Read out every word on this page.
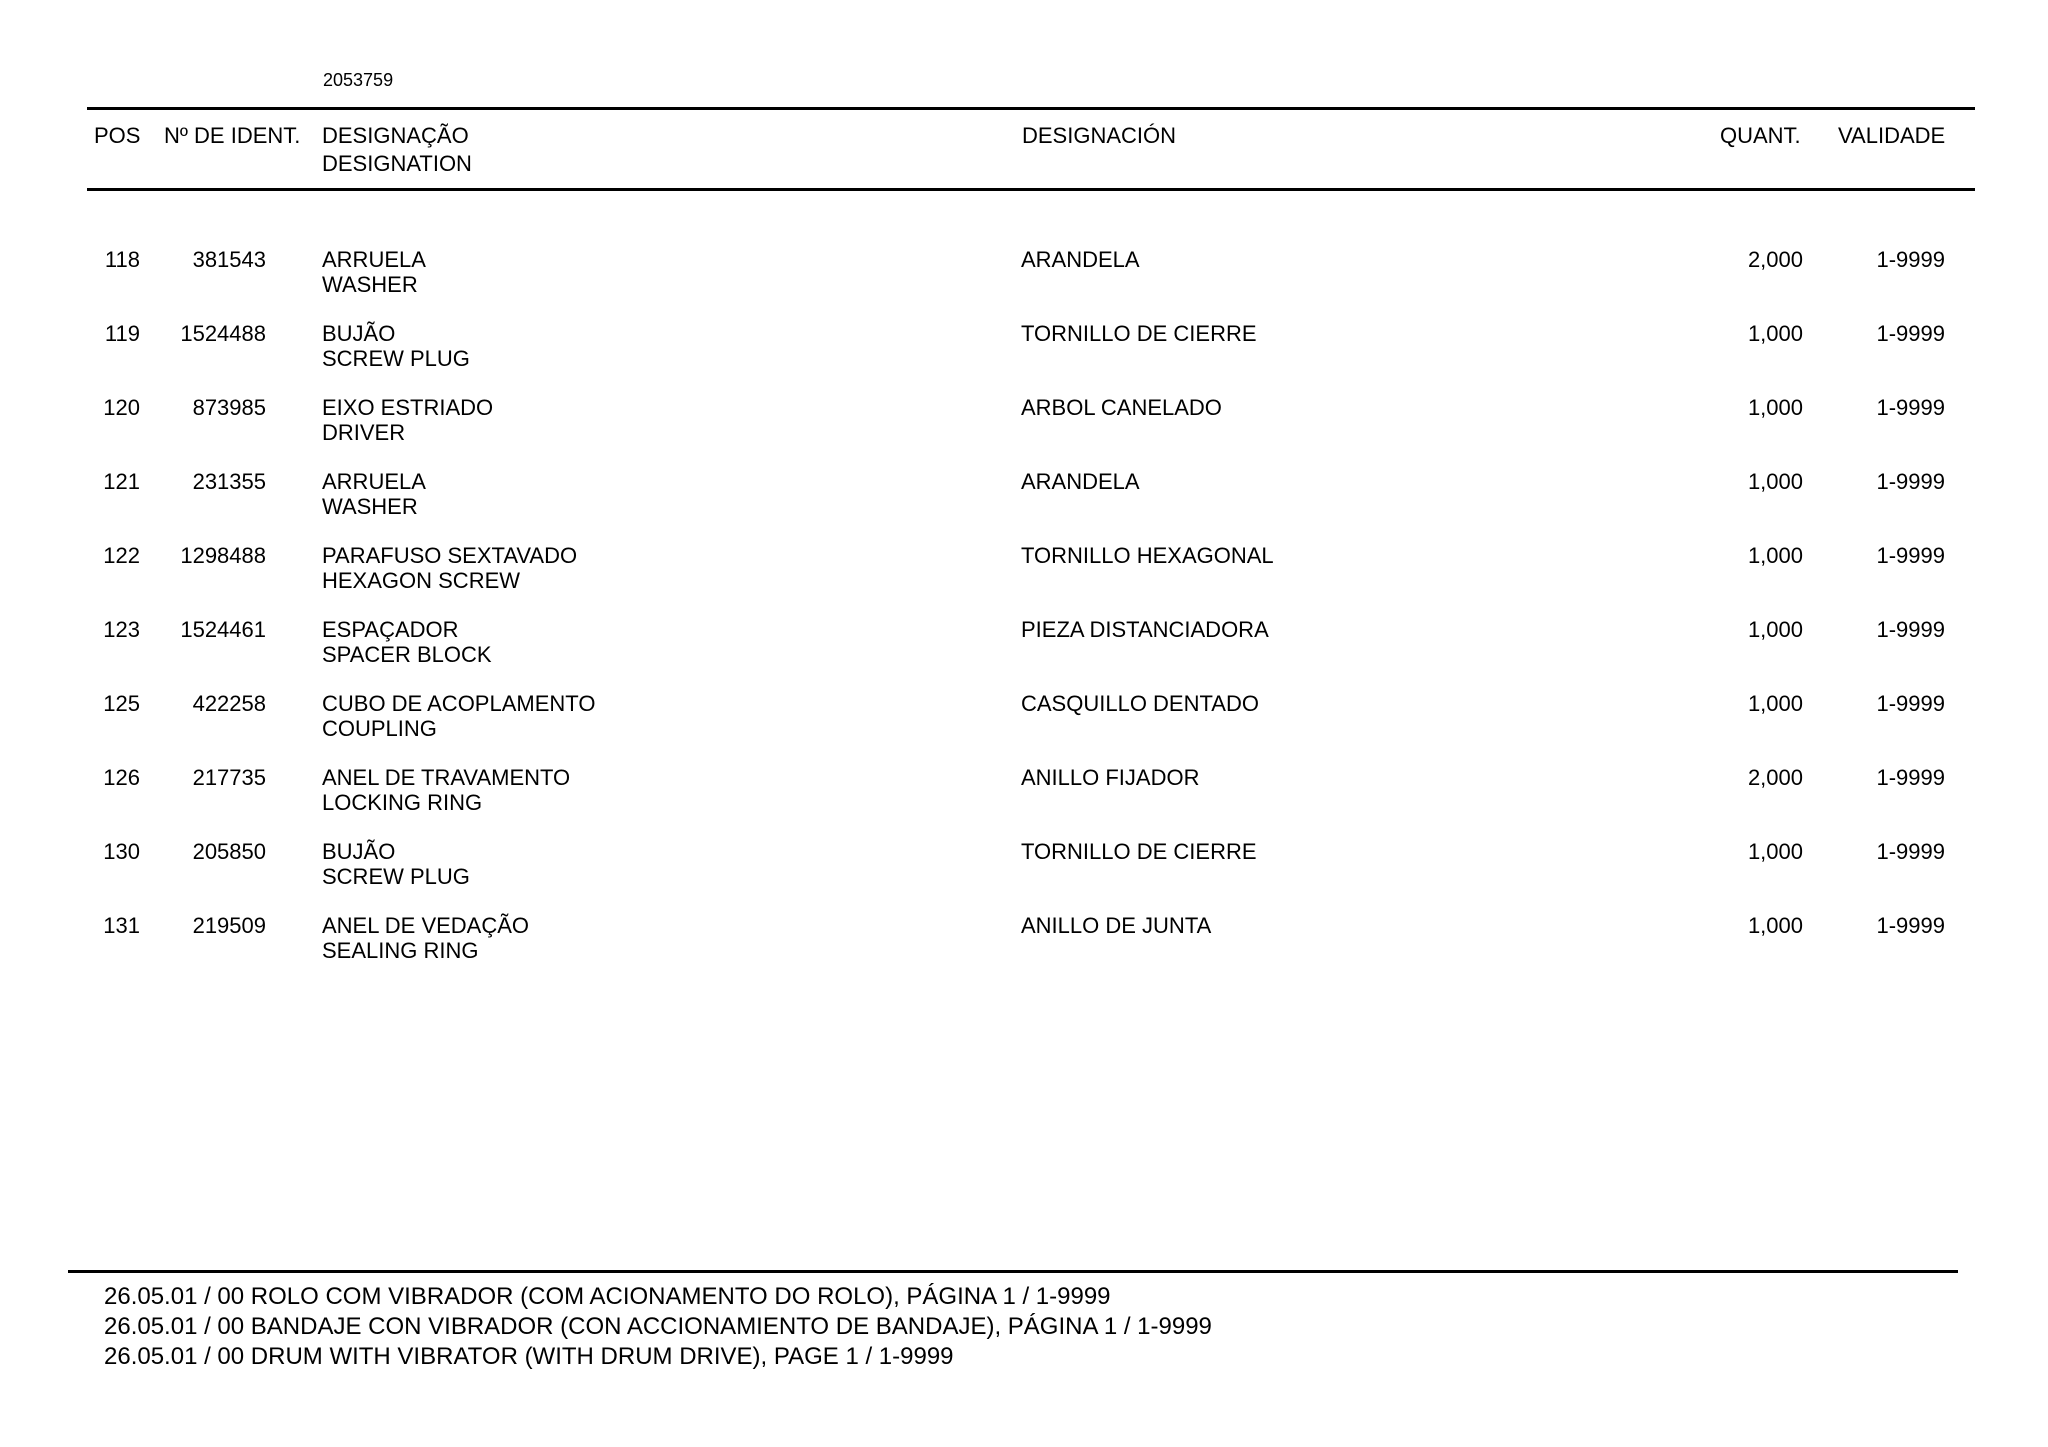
2053759
POS Nº DE IDENT. DESIGNAÇÃO
DESIGNATION
DESIGNACIÓN	QUANT. VALIDADE
118	381543	ARRUELA
WASHER
ARANDELA	2,000	1-9999
119	1524488	BUJÃO
SCREW PLUG
TORNILLO DE CIERRE	1,000	1-9999
120	873985	EIXO ESTRIADO
DRIVER
ARBOL CANELADO	1,000	1-9999
121	231355	ARRUELA
WASHER
ARANDELA	1,000	1-9999
122	1298488	PARAFUSO SEXTAVADO
HEXAGON SCREW
TORNILLO HEXAGONAL	1,000	1-9999
123	1524461	ESPAÇADOR
SPACER BLOCK
PIEZA DISTANCIADORA	1,000	1-9999
125	422258	CUBO DE ACOPLAMENTO
COUPLING
CASQUILLO DENTADO	1,000	1-9999
126	217735	ANEL DE TRAVAMENTO
LOCKING RING
ANILLO FIJADOR	2,000	1-9999
130	205850	BUJÃO
SCREW PLUG
TORNILLO DE CIERRE	1,000	1-9999
131	219509	ANEL DE VEDAÇÃO
SEALING RING
ANILLO DE JUNTA	1,000	1-9999
26.05.01 / 00 ROLO COM VIBRADOR (COM ACIONAMENTO DO ROLO), PÁGINA 1 / 1-9999
26.05.01 / 00 BANDAJE CON VIBRADOR (CON ACCIONAMIENTO DE BANDAJE), PÁGINA 1 / 1-9999
26.05.01 / 00 DRUM WITH VIBRATOR (WITH DRUM DRIVE), PAGE 1 / 1-9999
